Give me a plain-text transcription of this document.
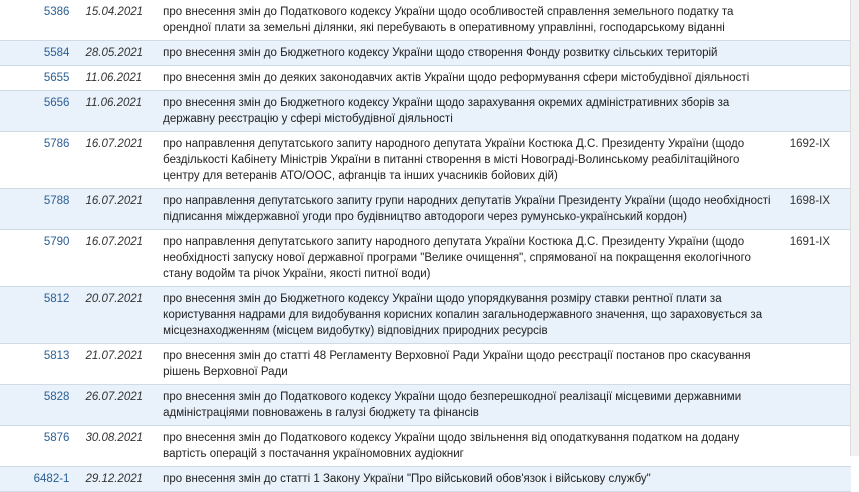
5386	15.04.2021	про внесення змін до Податкового кодексу України щодо особливостей справлення земельного податку та орендної плати за земельні ділянки, які перебувають в оперативному управлінні, господарському віданні	
5584	28.05.2021	про внесення змін до Бюджетного кодексу України щодо створення Фонду розвитку сільських територій	
5655	11.06.2021	про внесення змін до деяких законодавчих актів України щодо реформування сфери містобудівної діяльності	
5656	11.06.2021	про внесення змін до Бюджетного кодексу України щодо зарахування окремих адміністративних зборів за державну реєстрацію у сфері містобудівної діяльності	
5786	16.07.2021	про направлення депутатського запиту народного депутата України Костюка Д.С. Президенту України (щодо бездількості Кабінету Міністрів України в питанні створення в місті Новограді-Волинському реабілітаційного центру для ветеранів АТО/ООС, афганців та інших учасників бойових дій)	1692-IX
5788	16.07.2021	про направлення депутатського запиту групи народних депутатів України Президенту України (щодо необхідності підписання міждержавної угоди про будівництво автодороги через румунсько-український кордон)	1698-IX
5790	16.07.2021	про направлення депутатського запиту народного депутата України Костюка Д.С. Президенту України (щодо необхідності запуску нової державної програми "Велике очищення", спрямованої на покращення екологічного стану водойм та річок України, якості питної води)	1691-IX
5812	20.07.2021	про внесення змін до Бюджетного кодексу України щодо упорядкування розміру ставки рентної плати за користування надрами для видобування корисних копалин загальнодержавного значення, що зараховується за місцезнаходженням (місцем видобутку) відповідних природних ресурсів	
5813	21.07.2021	про внесення змін до статті 48 Регламенту Верховної Ради України щодо реєстрації постанов про скасування рішень Верховної Ради	
5828	26.07.2021	про внесення змін до Податкового кодексу України щодо безперешкодної реалізації місцевими державними адміністраціями повноважень в галузі бюджету та фінансів	
5876	30.08.2021	про внесення змін до Податкового кодексу України щодо звільнення від оподаткування податком на додану вартість операцій з постачання україномовних аудіокниг	
6482-1	29.12.2021	про внесення змін до статті 1 Закону України "Про військовий обов'язок і військову службу"	
